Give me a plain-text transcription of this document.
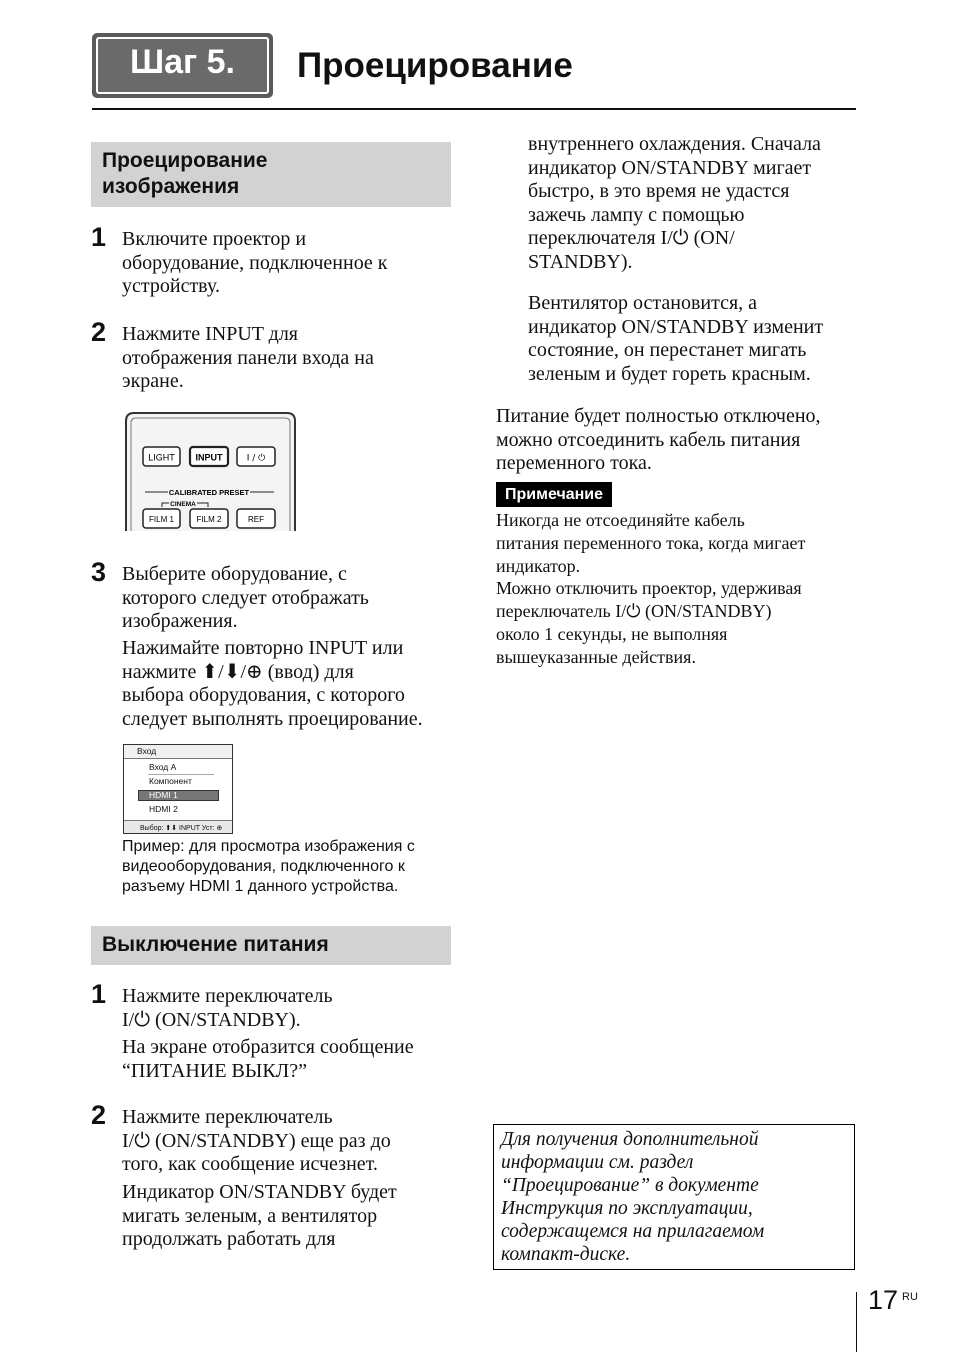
Шаг 5.	Проецирование
Проецирование
изображения
1 Включите проектор и
оборудование, подключенное к
устройству.
2 Нажмите INPUT для
отображения панели входа на
экране.
LIGHT INPUT	I / ⏻
CALIBRATED PRESET
CINEMA
FILM 1	FILM 2	REF
3 Выберите оборудование, с
которого следует отображать
изображения.
Нажимайте повторно INPUT или
нажмите ⬆/⬇/⊕ (ввод) для
выбора оборудования, с которого
следует выполнять проецирование.
Вход
Вход А
Компонент
HDMI 1
HDMI 2
Выбор: ⬆⬇ INPUT Уст: ⊕
Пример: для просмотра изображения с
видеооборудования, подключенного к
разъему HDMI 1 данного устройства.
Выключение питания
1 Нажмите переключатель
I/⏻ (ON/STANDBY).
На экране отобразится сообщение
“ПИТАНИЕ ВЫКЛ?”
2 Нажмите переключатель
I/⏻ (ON/STANDBY) еще раз до
того, как сообщение исчезнет.
Индикатор ON/STANDBY будет
мигать зеленым, а вентилятор
продолжать работать для
внутреннего охлаждения. Сначала
индикатор ON/STANDBY мигает
быстро, в это время не удастся
зажечь лампу с помощью
переключателя I/⏻ (ON/
STANDBY).
Вентилятор остановится, а
индикатор ON/STANDBY изменит
состояние, он перестанет мигать
зеленым и будет гореть красным.
Питание будет полностью отключено,
можно отсоединить кабель питания
переменного тока.
Примечание
Никогда не отсоединяйте кабель
питания переменного тока, когда мигает
индикатор.
Можно отключить проектор, удерживая
переключатель I/⏻ (ON/STANDBY)
около 1 секунды, не выполняя
вышеуказанные действия.
Для получения дополнительной
информации см. раздел
“Проецирование” в документе
Инструкция по эксплуатации,
содержащемся на прилагаемом
компакт-диске.
17 RU
